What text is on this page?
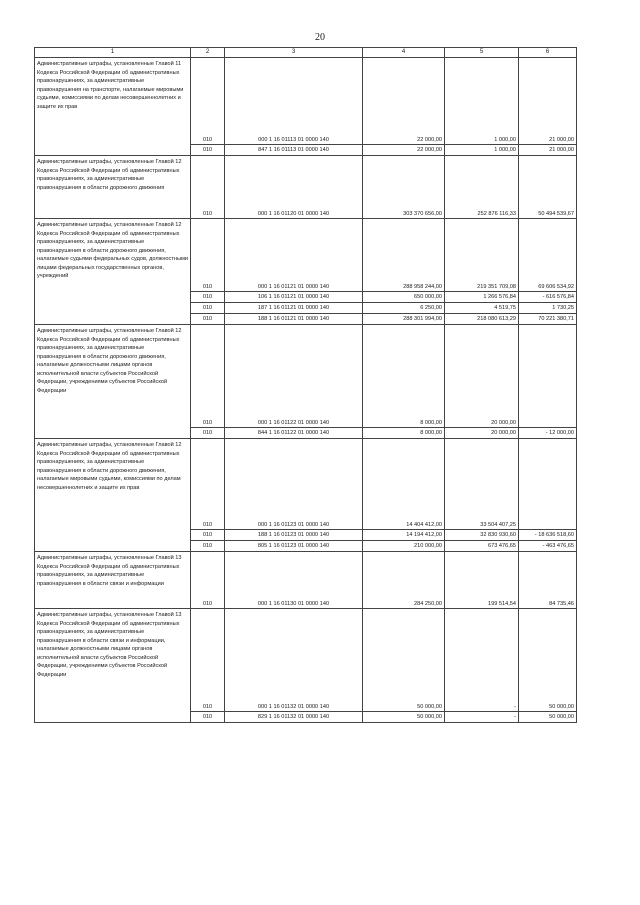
20
1	2	3	4	5	6
Административные штрафы, установленные Главой 11 Кодекса Российской Федерации об административных правонарушениях, за административные правонарушения на транспорте, налагаемые мировыми судьями, комиссиями по делам несовершеннолетних и защите их прав	010	000 1 16 01113 01 0000 140	22 000,00	1 000,00	21 000,00
	010	847 1 16 01113 01 0000 140	22 000,00	1 000,00	21 000,00
Административные штрафы, установленные Главой 12 Кодекса Российской Федерации об административных правонарушениях, за административные правонарушения в области дорожного движения	010	000 1 16 01120 01 0000 140	303 370 656,00	252 876 116,33	50 494 539,67
Административные штрафы, установленные Главой 12 Кодекса Российской Федерации об административных правонарушениях, за административные правонарушения в области дорожного движения, налагаемые судьями федеральных судов, должностными лицами федеральных государственных органов, учреждений	010	000 1 16 01121 01 0000 140	288 958 244,00	219 351 709,08	69 606 534,92
	010	106 1 16 01121 01 0000 140	650 000,00	1 266 576,84	- 616 576,84
	010	187 1 16 01121 01 0000 140	6 250,00	4 519,75	1 730,25
	010	188 1 16 01121 01 0000 140	288 301 994,00	218 080 613,29	70 221 380,71
Административные штрафы, установленные Главой 12 Кодекса Российской Федерации об административных правонарушениях, за административные правонарушения в области дорожного движения, налагаемые должностными лицами органов исполнительной власти субъектов Российской Федерации, учреждениями субъектов Российской Федерации	010	000 1 16 01122 01 0000 140	8 000,00	20 000,00	
	010	844 1 16 01122 01 0000 140	8 000,00	20 000,00	- 12 000,00
Административные штрафы, установленные Главой 12 Кодекса Российской Федерации об административных правонарушениях, за административные правонарушения в области дорожного движения, налагаемые мировыми судьями, комиссиями по делам несовершеннолетних и защите их прав	010	000 1 16 01123 01 0000 140	14 404 412,00	33 504 407,25	
	010	188 1 16 01123 01 0000 140	14 194 412,00	32 830 930,60	- 18 636 518,60
	010	805 1 16 01123 01 0000 140	210 000,00	673 476,65	- 463 476,65
Административные штрафы, установленные Главой 13 Кодекса Российской Федерации об административных правонарушениях, за административные правонарушения в области связи и информации	010	000 1 16 01130 01 0000 140	284 250,00	199 514,54	84 735,46
Административные штрафы, установленные Главой 13 Кодекса Российской Федерации об административных правонарушениях, за административные правонарушения в области связи и информации, налагаемые должностными лицами органов исполнительной власти субъектов Российской Федерации, учреждениями субъектов Российской Федерации	010	000 1 16 01132 01 0000 140	50 000,00	-	50 000,00
	010	829 1 16 01132 01 0000 140	50 000,00	-	50 000,00
